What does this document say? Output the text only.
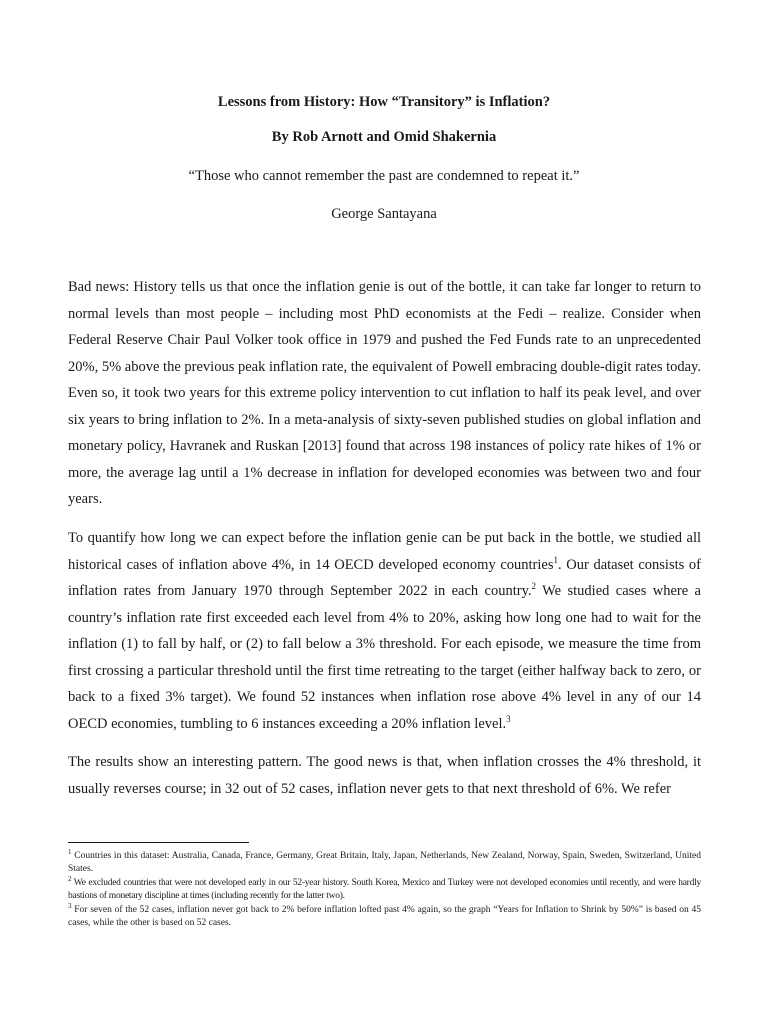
Lessons from History: How “Transitory” is Inflation?
By Rob Arnott and Omid Shakernia
“Those who cannot remember the past are condemned to repeat it.”
George Santayana

Bad news: History tells us that once the inflation genie is out of the bottle, it can take far longer to return to normal levels than most people – including most PhD economists at the Fedi – realize. Consider when Federal Reserve Chair Paul Volker took office in 1979 and pushed the Fed Funds rate to an unprecedented 20%, 5% above the previous peak inflation rate, the equivalent of Powell embracing double-digit rates today. Even so, it took two years for this extreme policy intervention to cut inflation to half its peak level, and over six years to bring inflation to 2%. In a meta-analysis of sixty-seven published studies on global inflation and monetary policy, Havranek and Ruskan [2013] found that across 198 instances of policy rate hikes of 1% or more, the average lag until a 1% decrease in inflation for developed economies was between two and four years.

To quantify how long we can expect before the inflation genie can be put back in the bottle, we studied all historical cases of inflation above 4%, in 14 OECD developed economy countries$^1$. Our dataset consists of inflation rates from January 1970 through September 2022 in each country.$^2$ We studied cases where a country’s inflation rate first exceeded each level from 4% to 20%, asking how long one had to wait for the inflation (1) to fall by half, or (2) to fall below a 3% threshold. For each episode, we measure the time from first crossing a particular threshold until the first time retreating to the target (either halfway back to zero, or back to a fixed 3% target). We found 52 instances when inflation rose above 4% level in any of our 14 OECD economies, tumbling to 6 instances exceeding a 20% inflation level.$^3$

The results show an interesting pattern. The good news is that, when inflation crosses the 4% threshold, it usually reverses course; in 32 out of 52 cases, inflation never gets to that next threshold of 6%. We refer

$^1$ Countries in this dataset: Australia, Canada, France, Germany, Great Britain, Italy, Japan, Netherlands, New Zealand, Norway, Spain, Sweden, Switzerland, United States.

$^2$ We excluded countries that were not developed early in our 52-year history. South Korea, Mexico and Turkey were not developed economies until recently, and were hardly bastions of monetary discipline at times (including recently for the latter two).

$^3$ For seven of the 52 cases, inflation never got back to 2% before inflation lofted past 4% again, so the graph “Years for Inflation to Shrink by 50%” is based on 45 cases, while the other is based on 52 cases.
